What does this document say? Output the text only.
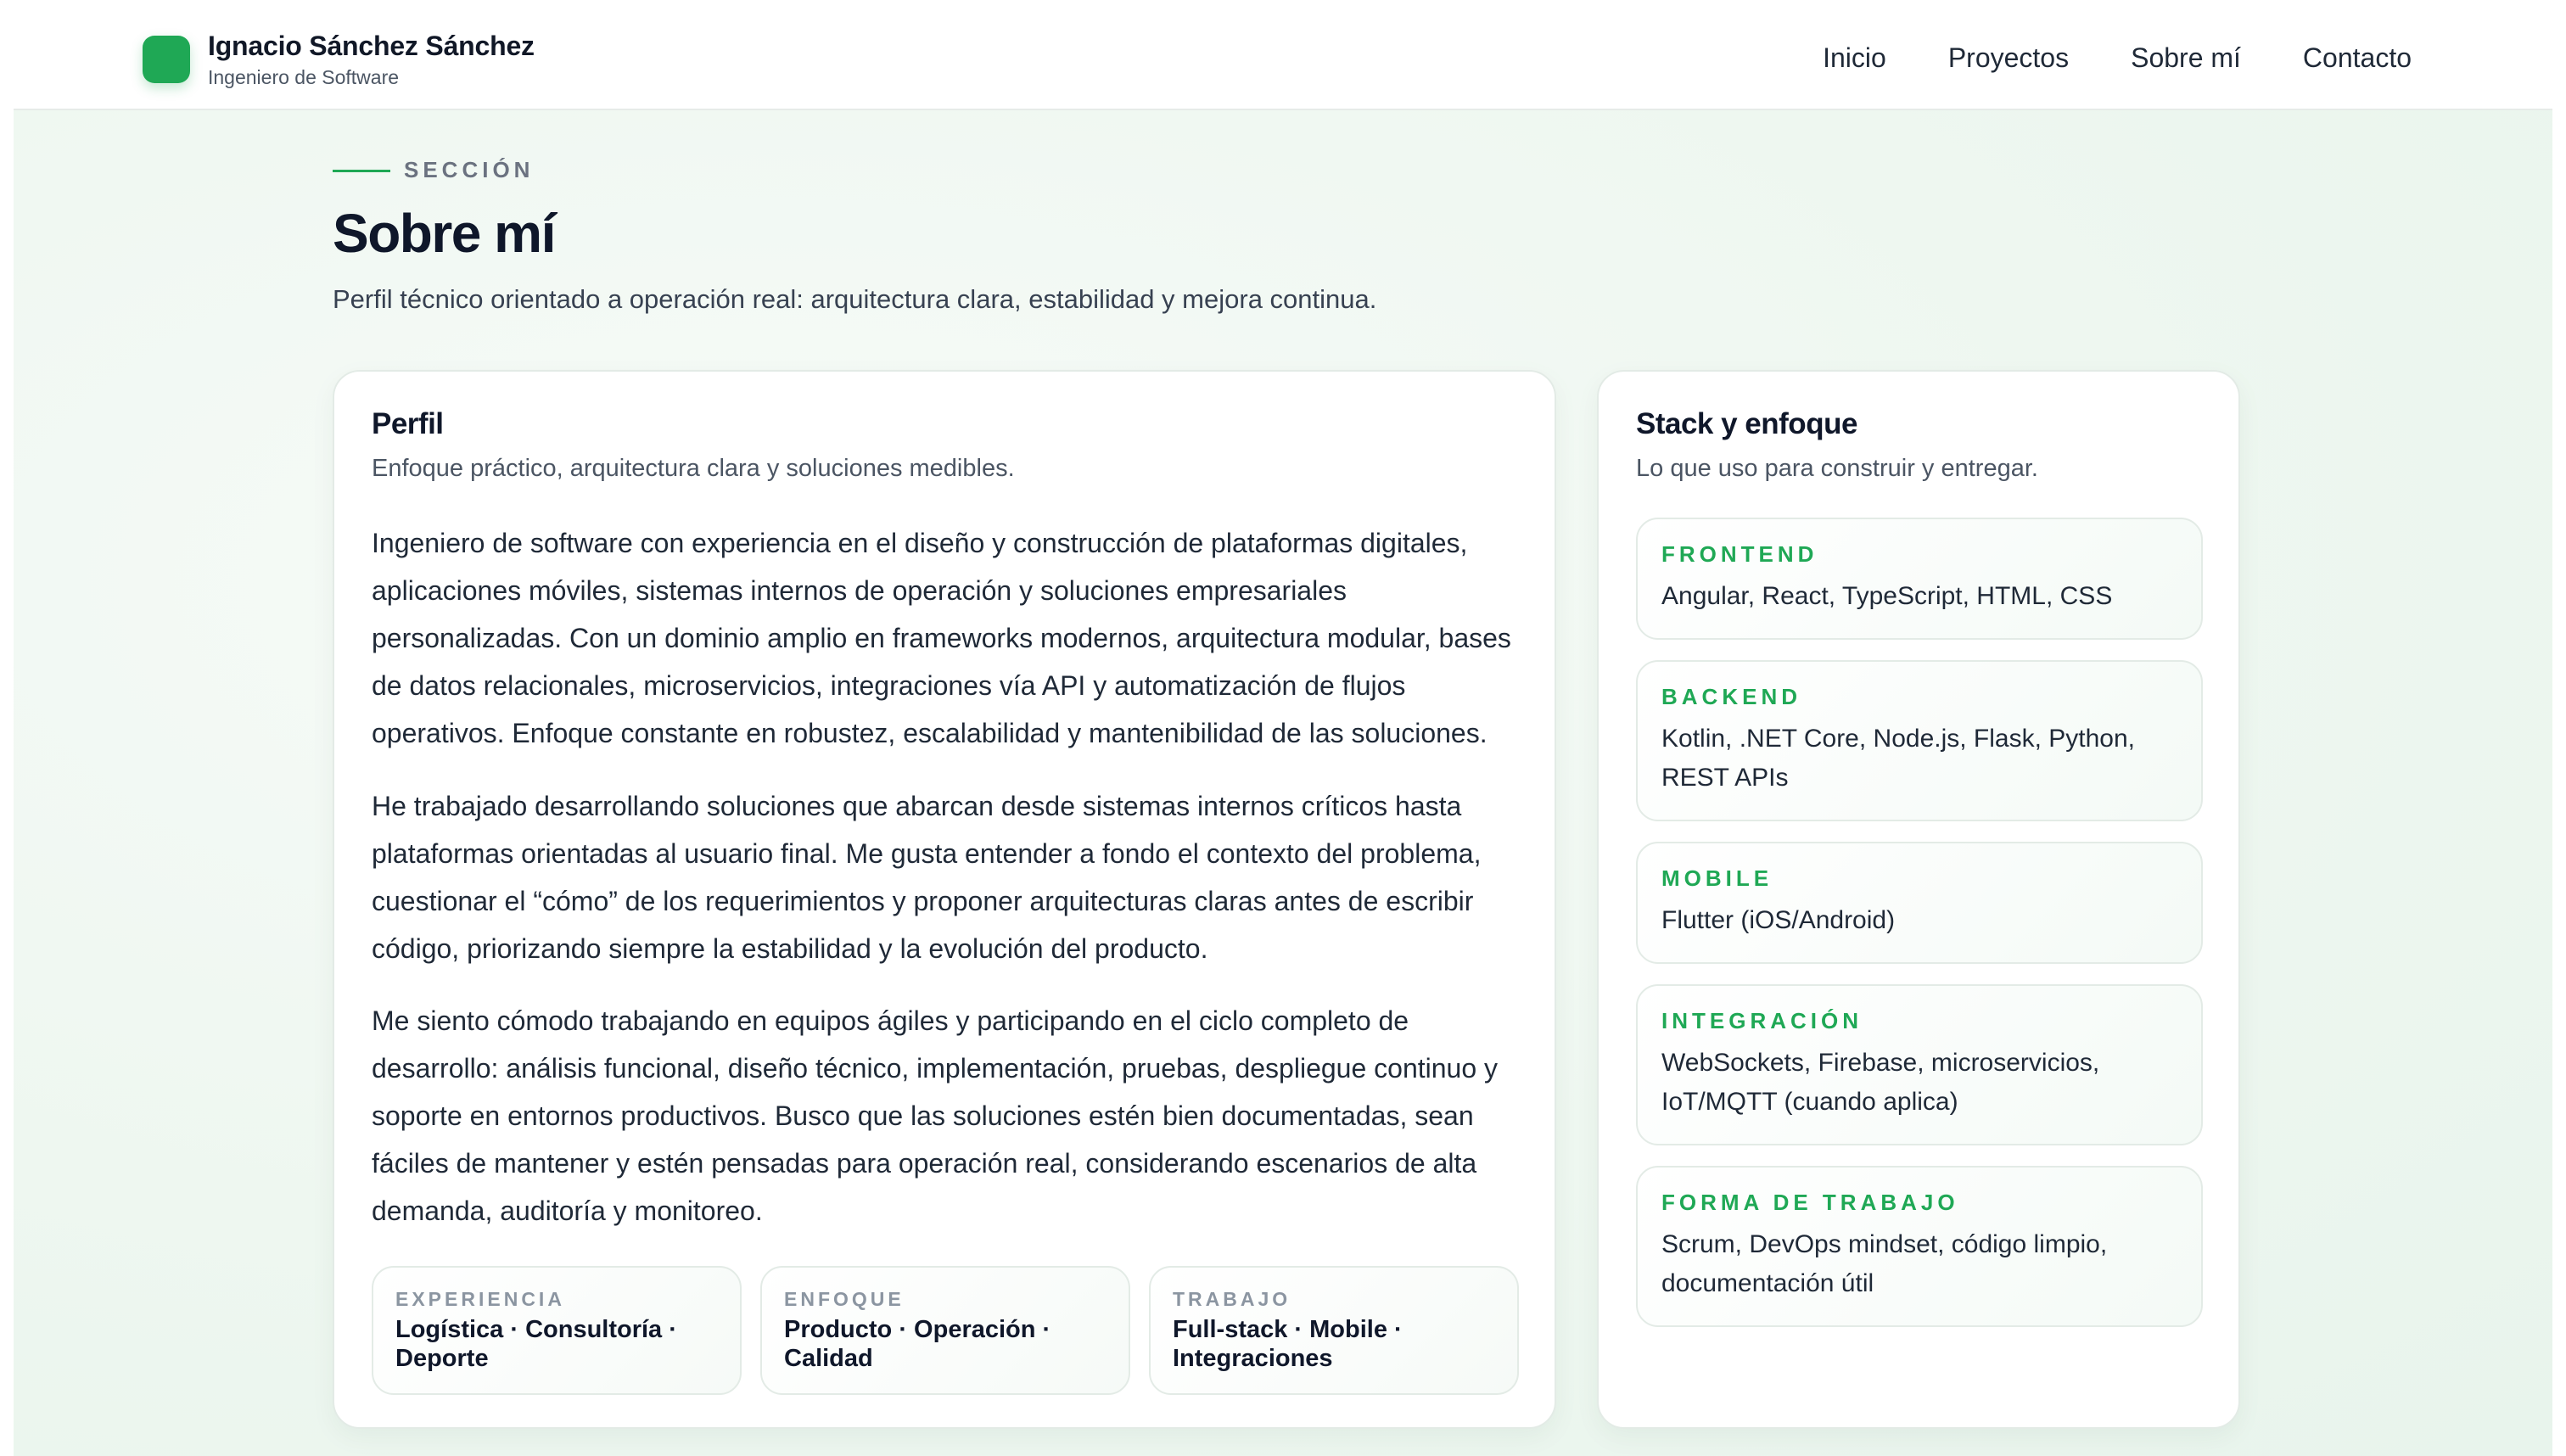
Ignacio Sánchez Sánchez
Ingeniero de Software
Inicio Proyectos Sobre mí Contacto
SECCIÓN
Sobre mí
Perfil técnico orientado a operación real: arquitectura clara, estabilidad y mejora continua.
Perfil
Enfoque práctico, arquitectura clara y soluciones medibles.

Ingeniero de software con experiencia en el diseño y construcción de plataformas digitales, aplicaciones móviles, sistemas internos de operación y soluciones empresariales personalizadas. Con un dominio amplio en frameworks modernos, arquitectura modular, bases de datos relacionales, microservicios, integraciones vía API y automatización de flujos operativos. Enfoque constante en robustez, escalabilidad y mantenibilidad de las soluciones.

He trabajado desarrollando soluciones que abarcan desde sistemas internos críticos hasta plataformas orientadas al usuario final. Me gusta entender a fondo el contexto del problema, cuestionar el “cómo” de los requerimientos y proponer arquitecturas claras antes de escribir código, priorizando siempre la estabilidad y la evolución del producto.

Me siento cómodo trabajando en equipos ágiles y participando en el ciclo completo de desarrollo: análisis funcional, diseño técnico, implementación, pruebas, despliegue continuo y soporte en entornos productivos. Busco que las soluciones estén bien documentadas, sean fáciles de mantener y estén pensadas para operación real, considerando escenarios de alta demanda, auditoría y monitoreo.

EXPERIENCIA
Logística · Consultoría · Deporte
ENFOQUE
Producto · Operación · Calidad
TRABAJO
Full-stack · Mobile · Integraciones
Stack y enfoque
Lo que uso para construir y entregar.
FRONTEND
Angular, React, TypeScript, HTML, CSS
BACKEND
Kotlin, .NET Core, Node.js, Flask, Python, REST APIs
MOBILE
Flutter (iOS/Android)
INTEGRACIÓN
WebSockets, Firebase, microservicios, IoT/MQTT (cuando aplica)
FORMA DE TRABAJO
Scrum, DevOps mindset, código limpio, documentación útil
